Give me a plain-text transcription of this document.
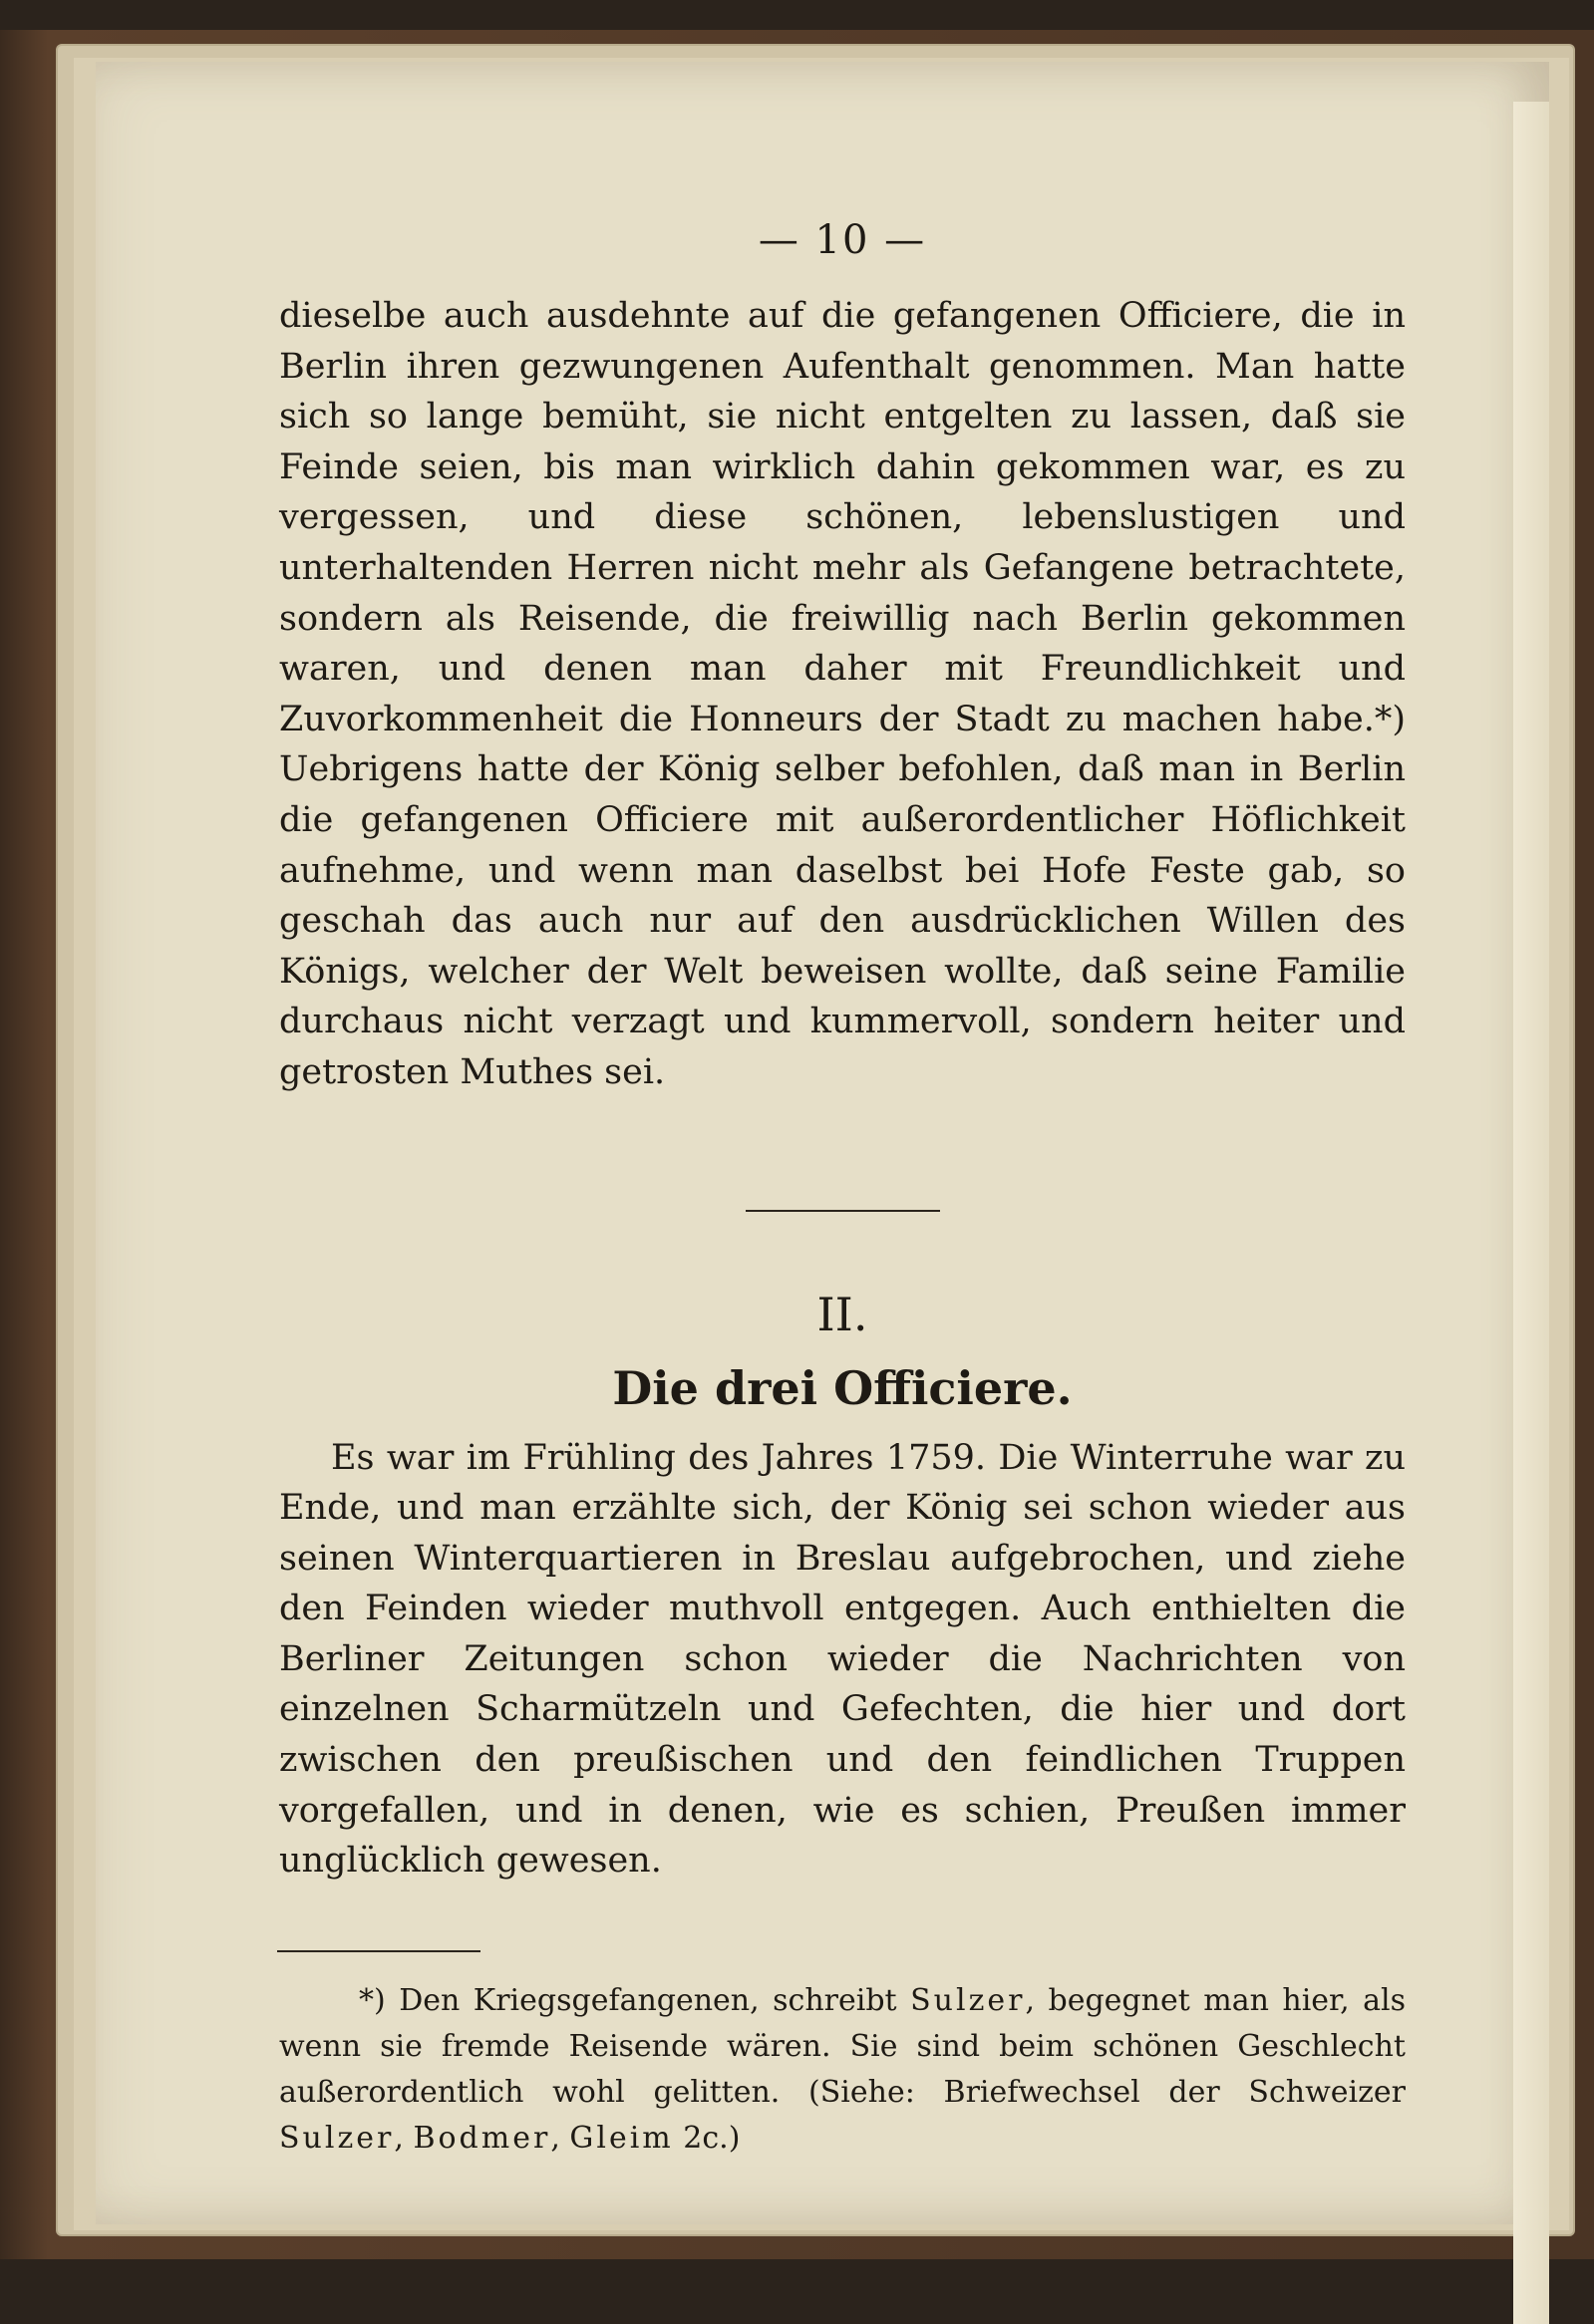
— 10 —

dieselbe auch ausdehnte auf die gefangenen Officiere, die in Berlin ihren gezwungenen Aufenthalt genommen. Man hatte sich so lange bemüht, sie nicht entgelten zu lassen, daß sie Feinde seien, bis man wirklich dahin gekommen war, es zu vergessen, und diese schönen, lebenslustigen und unterhaltenden Herren nicht mehr als Gefangene betrachtete, sondern als Reisende, die freiwillig nach Berlin gekommen waren, und denen man daher mit Freundlichkeit und Zuvorkommenheit die Honneurs der Stadt zu machen habe.*) Uebrigens hatte der König selber befohlen, daß man in Berlin die gefangenen Officiere mit außerordentlicher Höflichkeit aufnehme, und wenn man daselbst bei Hofe Feste gab, so geschah das auch nur auf den ausdrücklichen Willen des Königs, welcher der Welt beweisen wollte, daß seine Familie durchaus nicht verzagt und kummervoll, sondern heiter und getrosten Muthes sei.

II.
Die drei Officiere.

Es war im Frühling des Jahres 1759. Die Winterruhe war zu Ende, und man erzählte sich, der König sei schon wieder aus seinen Winterquartieren in Breslau aufgebrochen, und ziehe den Feinden wieder muthvoll entgegen. Auch enthielten die Berliner Zeitungen schon wieder die Nachrichten von einzelnen Scharmützeln und Gefechten, die hier und dort zwischen den preußischen und den feindlichen Truppen vorgefallen, und in denen, wie es schien, Preußen immer unglücklich gewesen.

*) Den Kriegsgefangenen, schreibt Sulzer, begegnet man hier, als wenn sie fremde Reisende wären. Sie sind beim schönen Geschlecht außerordentlich wohl gelitten. (Siehe: Briefwechsel der Schweizer Sulzer, Bodmer, Gleim 2c.)
